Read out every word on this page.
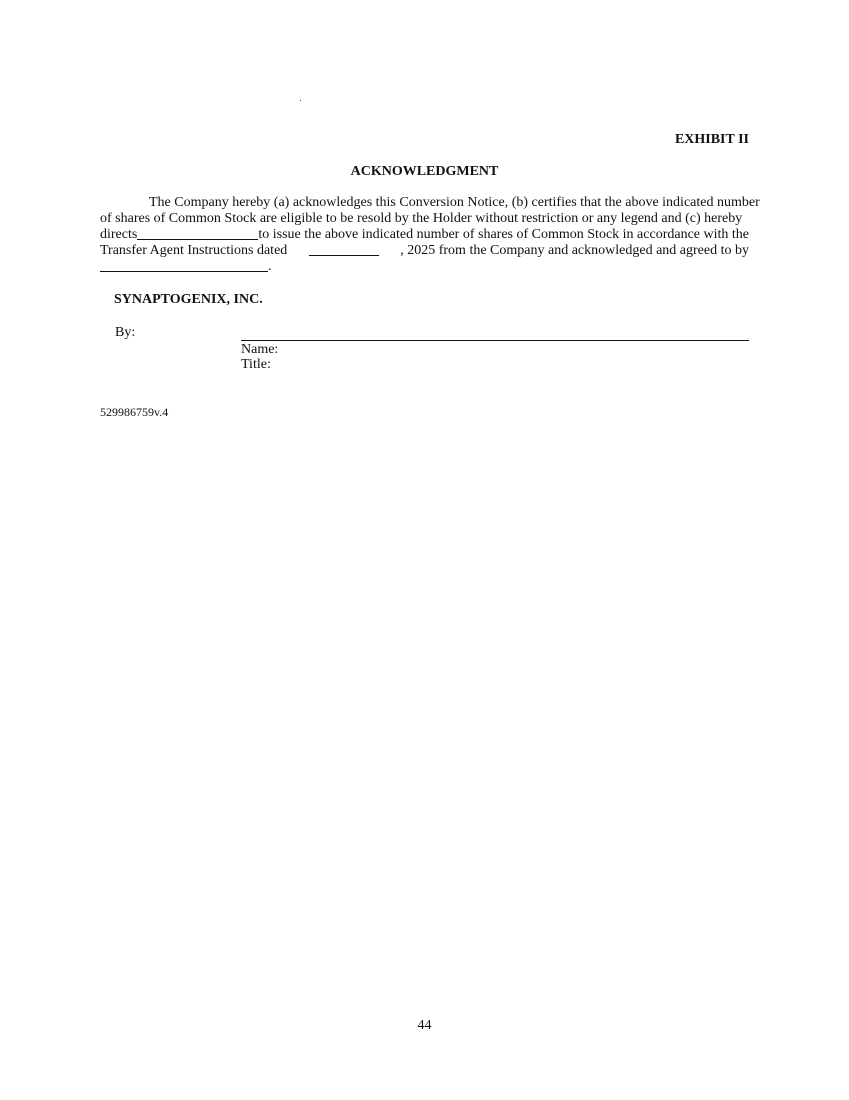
EXHIBIT II
ACKNOWLEDGMENT
The Company hereby (a) acknowledges this Conversion Notice, (b) certifies that the above indicated number
of shares of Common Stock are eligible to be resold by the Holder without restriction or any legend and (c) hereby
directs	to issue the above indicated number of shares of Common Stock in accordance with the
Transfer Agent Instructions dated	, 2025 from the Company and acknowledged and agreed to by
.
SYNAPTOGENIX, INC.
By:
Name:
Title:
529986759v.4
44
